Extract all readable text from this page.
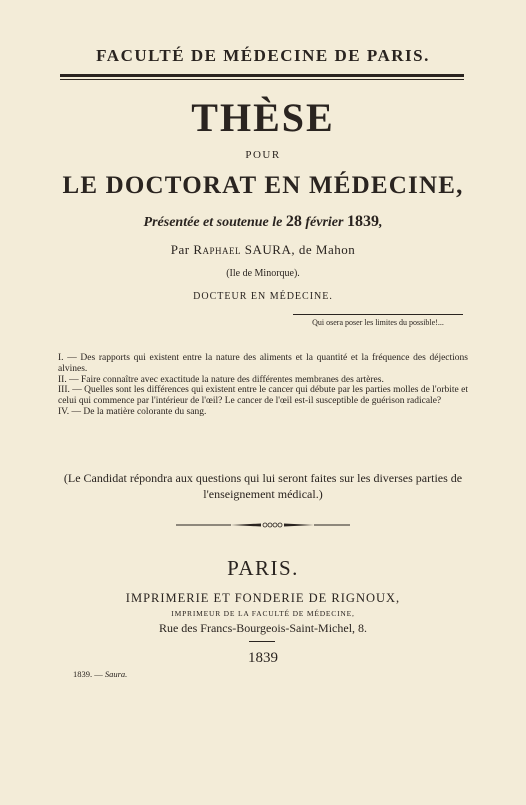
FACULTÉ DE MÉDECINE DE PARIS.
THÈSE
POUR
LE DOCTORAT EN MÉDECINE,
Présentée et soutenue le 28 février 1839,
Par Raphael SAURA, de Mahon
(Ile de Minorque).
DOCTEUR EN MÉDECINE.
Qui osera poser les limites du possible!...

I. — Des rapports qui existent entre la nature des aliments et la quantité et la fréquence des déjections alvines.

II. — Faire connaître avec exactitude la nature des différentes membranes des artères.

III. — Quelles sont les différences qui existent entre le cancer qui débute par les parties molles de l'orbite et celui qui commence par l'intérieur de l'œil? Le cancer de l'œil est-il susceptible de guérison radicale?

IV. — De la matière colorante du sang.

(Le Candidat répondra aux questions qui lui seront faites sur les diverses parties de l'enseignement médical.)
PARIS.
IMPRIMERIE ET FONDERIE DE RIGNOUX,
IMPRIMEUR DE LA FACULTÉ DE MÉDECINE,
Rue des Francs-Bourgeois-Saint-Michel, 8.
1839
1839. — Saura.
